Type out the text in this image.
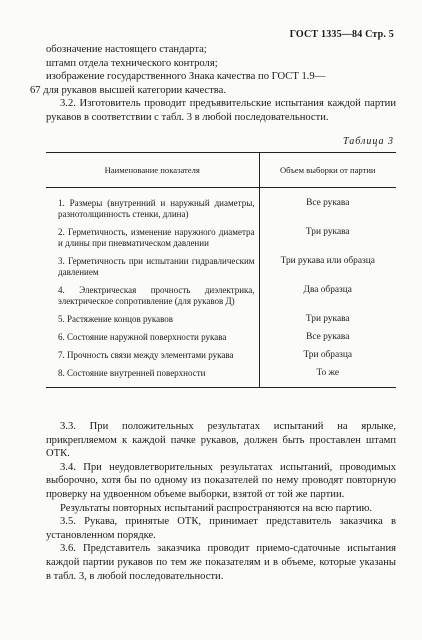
ГОСТ 1335—84 Стр. 5

обозначение настоящего стандарта;

штамп отдела технического контроля;

изображение государственного Знака качества по ГОСТ 1.9—

67 для рукавов высшей категории качества.

3.2. Изготовитель проводит предъявительские испытания каждой партии рукавов в соответствии с табл. 3 в любой последовательности.

Таблица 3
Наименование показателя	Объем выборки от партии
1. Размеры (внутренний и наружный диаметры, разнотолщинность стенки, длина)	Все рукава
2. Герметичность, изменение наружного диаметра и длины при пневматическом давлении	Три рукава
3. Герметичность при испытании гидравлическим давлением	Три рукава или образца
4. Электрическая прочность диэлектрика, электрическое сопротивление (для рукавов Д)	Два образца
5. Растяжение концов рукавов	Три рукава
6. Состояние наружной поверхности рукава	Все рукава
7. Прочность связи между элементами рукава	Три образца
8. Состояние внутренней поверхности	То же

3.3. При положительных результатах испытаний на ярлыке, прикрепляемом к каждой пачке рукавов, должен быть проставлен штамп ОТК.

3.4. При неудовлетворительных результатах испытаний, проводимых выборочно, хотя бы по одному из показателей по нему проводят повторную проверку на удвоенном объеме выборки, взятой от той же партии.

Результаты повторных испытаний распространяются на всю партию.

3.5. Рукава, принятые ОТК, принимает представитель заказчика в установленном порядке.

3.6. Представитель заказчика проводит приемо-сдаточные испытания каждой партии рукавов по тем же показателям и в объеме, которые указаны в табл. 3, в любой последовательности.
